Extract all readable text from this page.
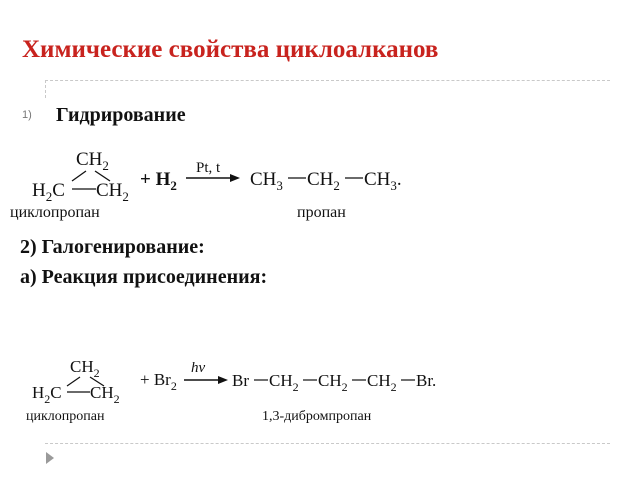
Химические свойства циклоалканов
1) Гидрирование
2) Галогенирование:
а) Реакция присоединения:
$CH_2$
$H_2C$ $CH_2$
+ $H_2$
Pt, t
$CH_3$ $CH_2$ $CH_3$.
циклопропан	пропан
$CH_2$
$H_2C$ $CH_2$
+ $Br_2$
hν
Br $CH_2$ $CH_2$ $CH_2$ Br.
циклопропан	1,3-дибромпропан
